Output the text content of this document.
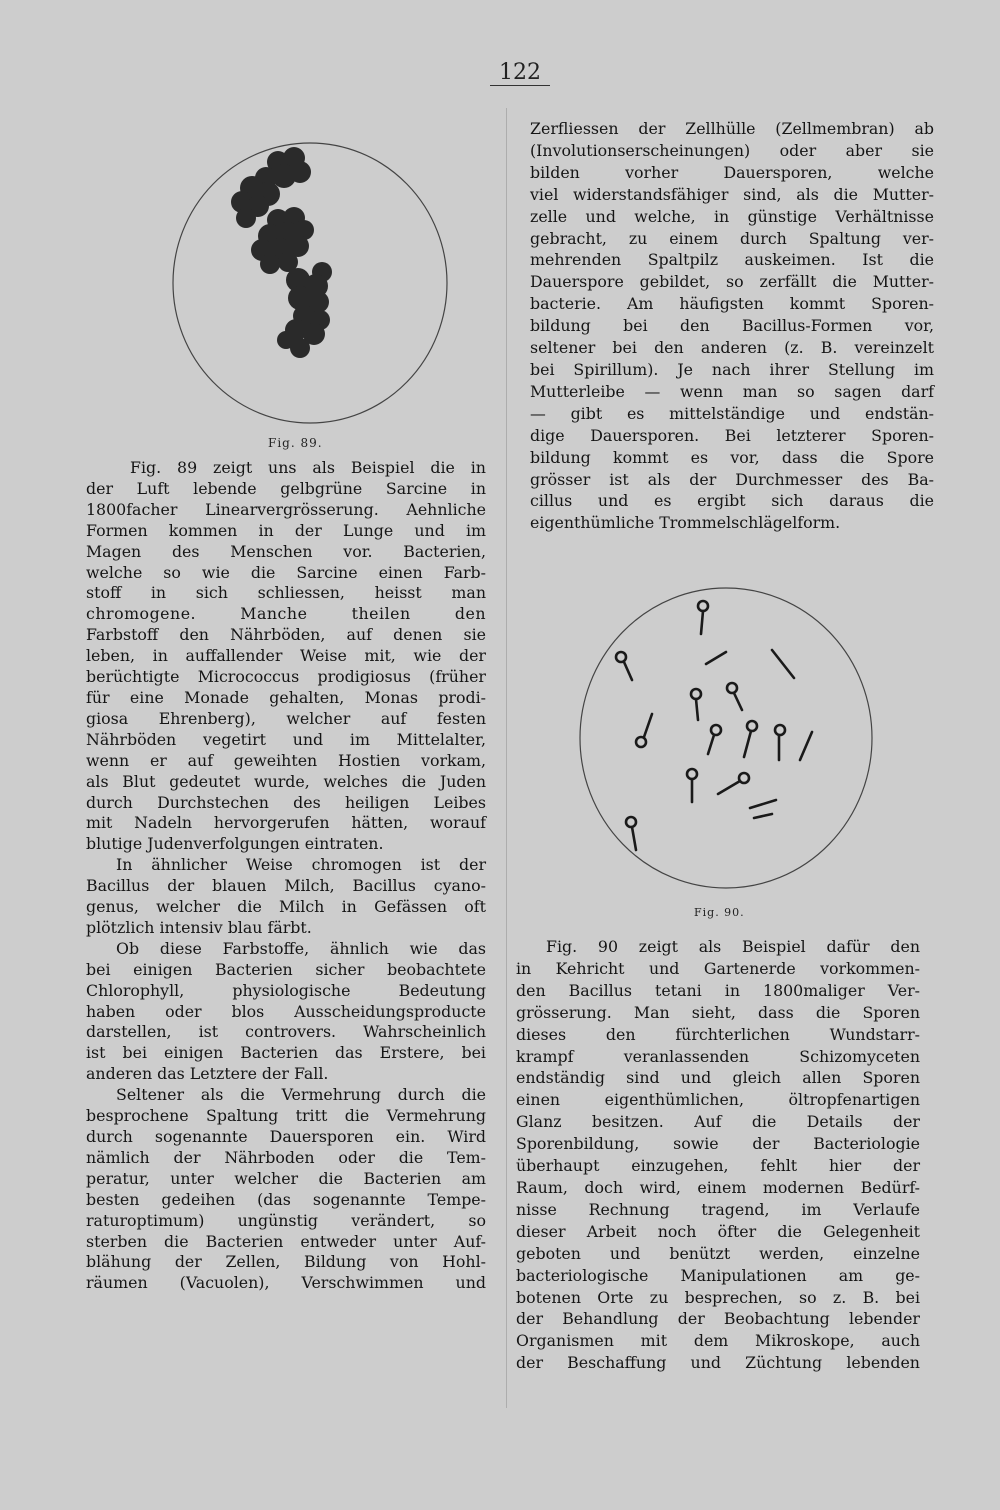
122
Fig. 89.
Fig. 90.

Fig. 89 zeigt uns als Beispiel die in

der Luft lebende gelbgrüne Sarcine in
1800facher Linearvergrösserung. Aehnliche
Formen kommen in der Lunge und im
Magen des Menschen vor. Bacterien,
welche so wie die Sarcine einen Farb-
stoff in sich schliessen, heisst man
chromogene. Manche theilen den
Farbstoff den Nährböden, auf denen sie
leben, in auffallender Weise mit, wie der
berüchtigte Micrococcus prodigiosus (früher
für eine Monade gehalten, Monas prodi-
giosa Ehrenberg), welcher auf festen
Nährböden vegetirt und im Mittelalter,
wenn er auf geweihten Hostien vorkam,
als Blut gedeutet wurde, welches die Juden
durch Durchstechen des heiligen Leibes
mit Nadeln hervorgerufen hätten, worauf
blutige Judenverfolgungen eintraten.

In ähnlicher Weise chromogen ist der
Bacillus der blauen Milch, Bacillus cyano-
genus, welcher die Milch in Gefässen oft
plötzlich intensiv blau färbt.

Ob diese Farbstoffe, ähnlich wie das
bei einigen Bacterien sicher beobachtete
Chlorophyll, physiologische Bedeutung
haben oder blos Ausscheidungsproducte
darstellen, ist controvers. Wahrscheinlich
ist bei einigen Bacterien das Erstere, bei
anderen das Letztere der Fall.

Seltener als die Vermehrung durch die
besprochene Spaltung tritt die Vermehrung
durch sogenannte Dauersporen ein. Wird
nämlich der Nährboden oder die Tem-
peratur, unter welcher die Bacterien am
besten gedeihen (das sogenannte Tempe-
raturoptimum) ungünstig verändert, so
sterben die Bacterien entweder unter Auf-
blähung der Zellen, Bildung von Hohl-
räumen (Vacuolen), Verschwimmen und

Zerfliessen der Zellhülle (Zellmembran) ab
(Involutionserscheinungen) oder aber sie
bilden vorher Dauersporen, welche
viel widerstandsfähiger sind, als die Mutter-
zelle und welche, in günstige Verhältnisse
gebracht, zu einem durch Spaltung ver-
mehrenden Spaltpilz auskeimen. Ist die
Dauerspore gebildet, so zerfällt die Mutter-
bacterie. Am häufigsten kommt Sporen-
bildung bei den Bacillus-Formen vor,
seltener bei den anderen (z. B. vereinzelt
bei Spirillum). Je nach ihrer Stellung im
Mutterleibe — wenn man so sagen darf
— gibt es mittelständige und endstän-
dige Dauersporen. Bei letzterer Sporen-
bildung kommt es vor, dass die Spore
grösser ist als der Durchmesser des Ba-
cillus und es ergibt sich daraus die
eigenthümliche Trommelschlägelform.

Fig. 90 zeigt als Beispiel dafür den
in Kehricht und Gartenerde vorkommen-
den Bacillus tetani in 1800maliger Ver-
grösserung. Man sieht, dass die Sporen
dieses den fürchterlichen Wundstarr-
krampf veranlassenden Schizomyceten
endständig sind und gleich allen Sporen
einen eigenthümlichen, öltropfenartigen
Glanz besitzen. Auf die Details der
Sporenbildung, sowie der Bacteriologie
überhaupt einzugehen, fehlt hier der
Raum, doch wird, einem modernen Bedürf-
nisse Rechnung tragend, im Verlaufe
dieser Arbeit noch öfter die Gelegenheit
geboten und benützt werden, einzelne
bacteriologische Manipulationen am ge-
botenen Orte zu besprechen, so z. B. bei
der Behandlung der Beobachtung lebender
Organismen mit dem Mikroskope, auch
der Beschaffung und Züchtung lebenden
